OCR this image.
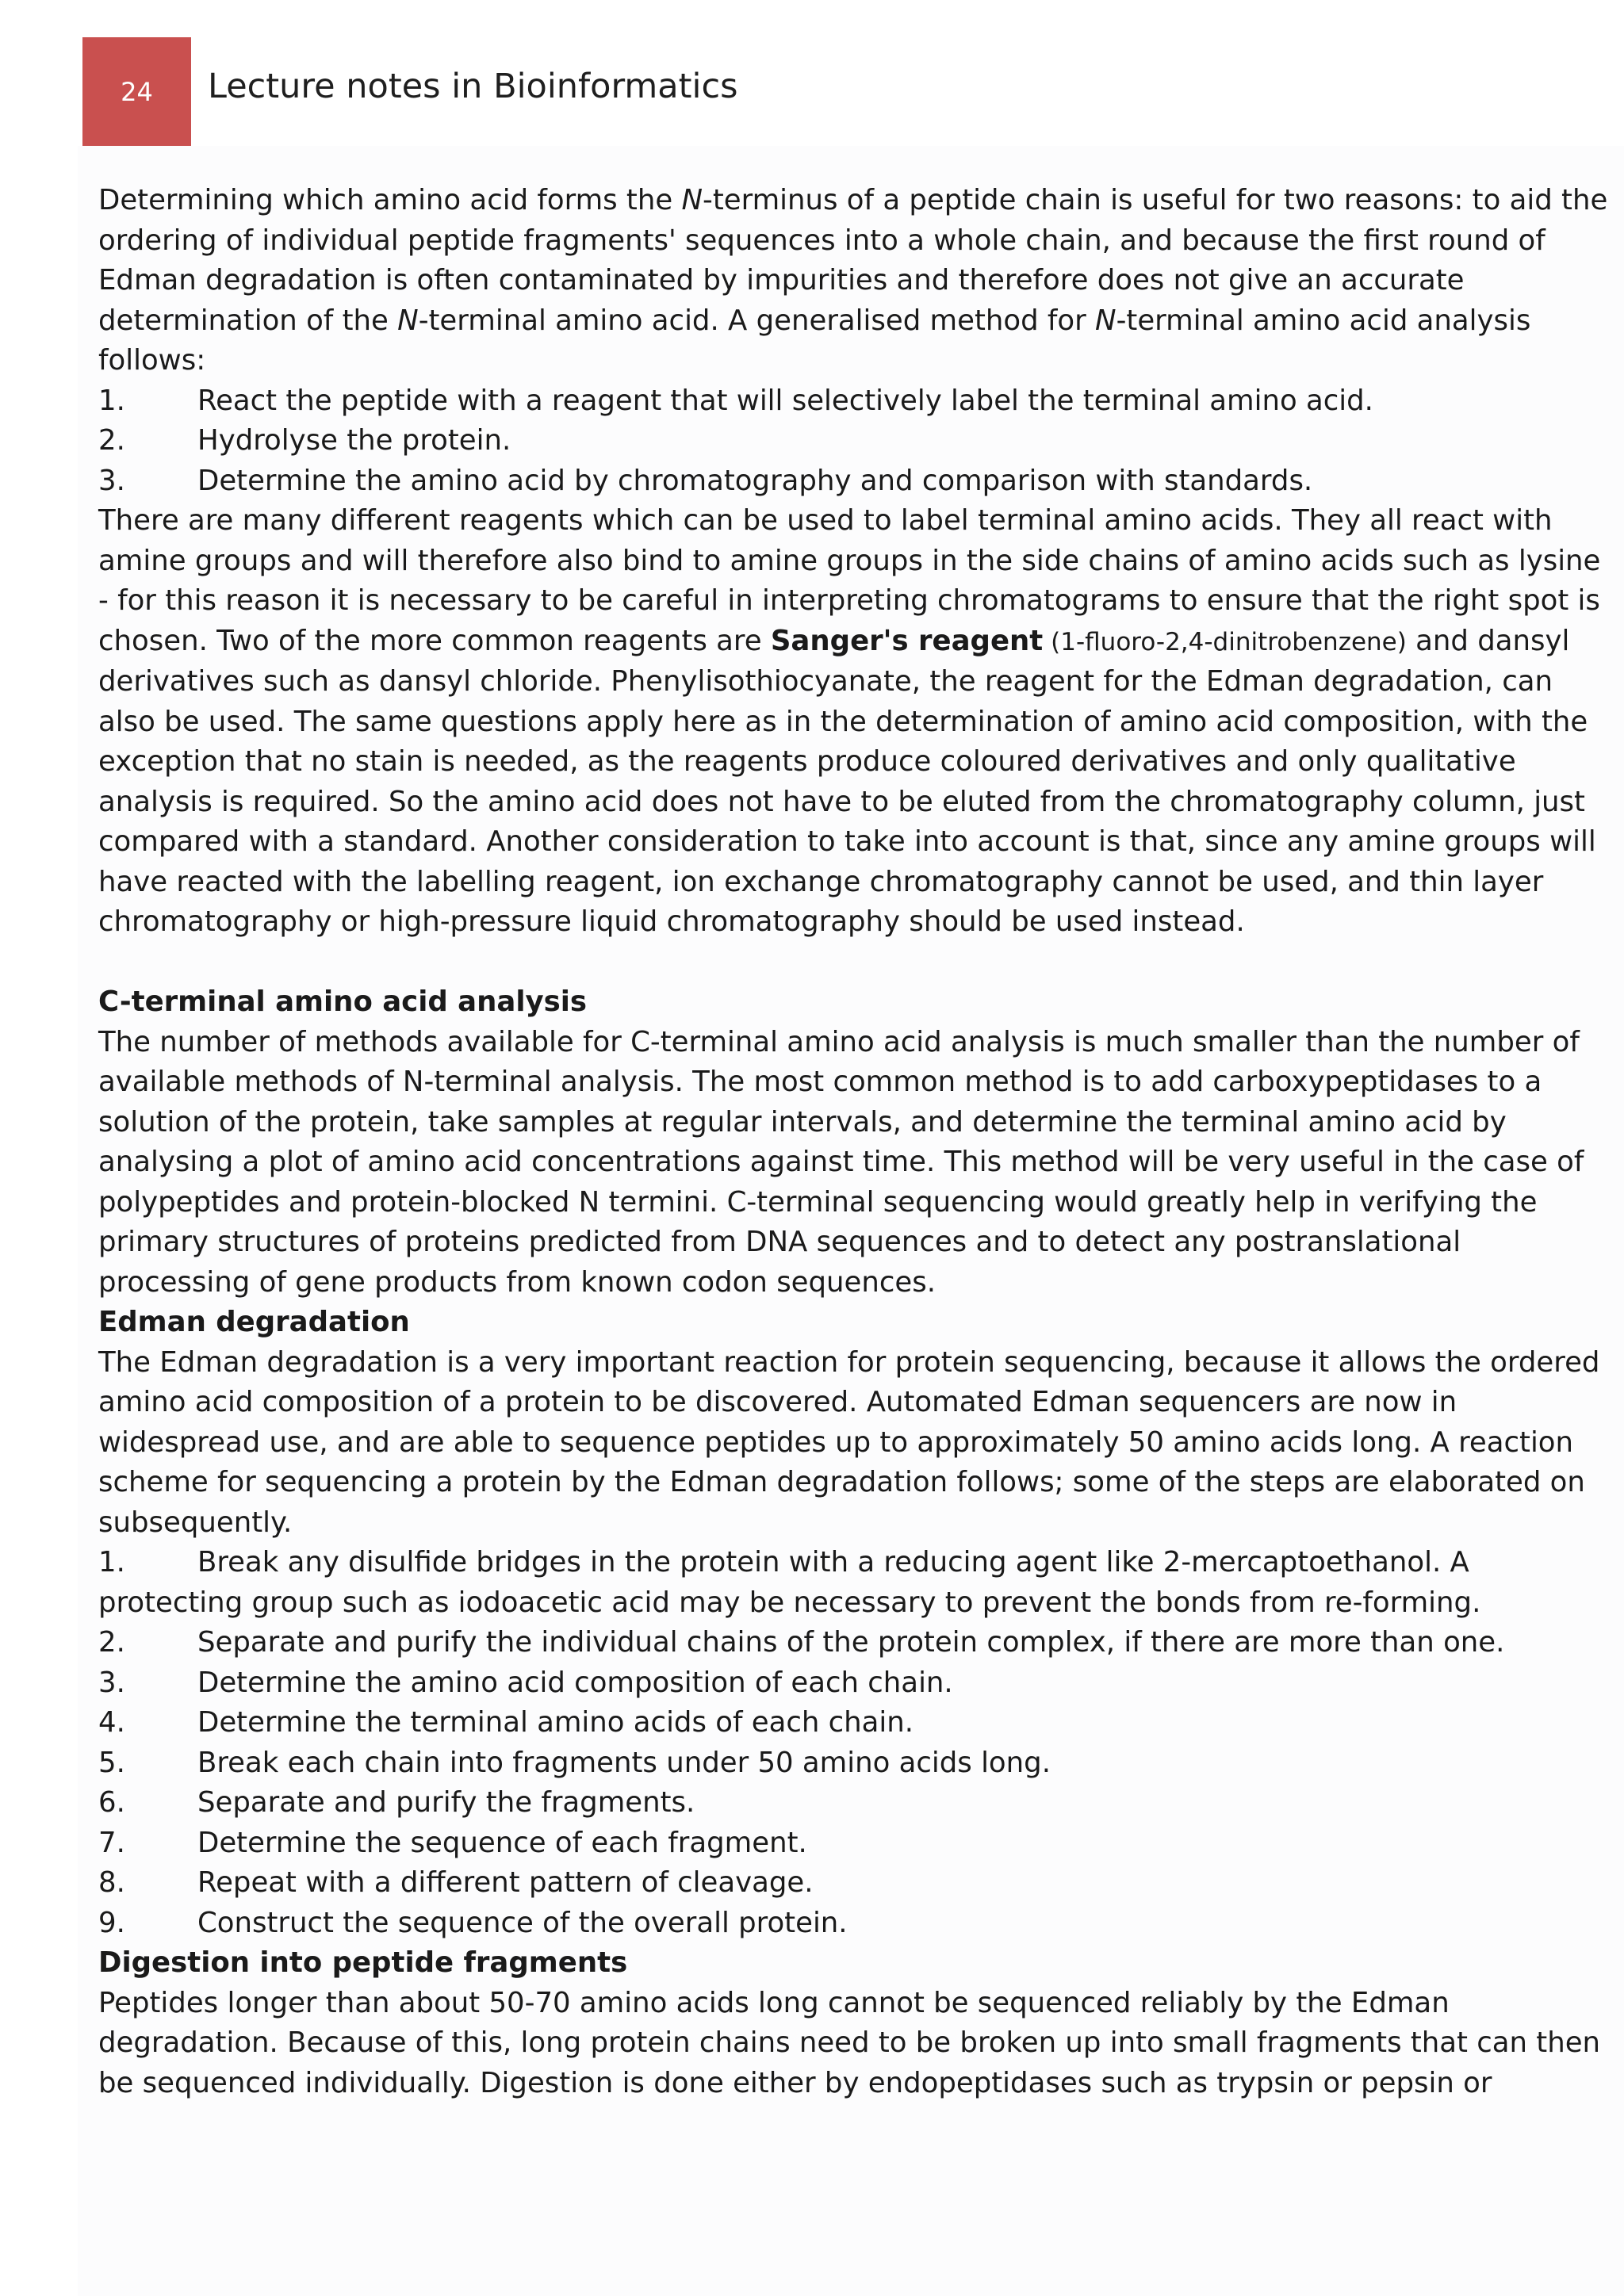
24 Lecture notes in Bioinformatics

Determining which amino acid forms the N-terminus of a peptide chain is useful for two reasons: to aid the ordering of individual peptide fragments' sequences into a whole chain, and because the first round of Edman degradation is often contaminated by impurities and therefore does not give an accurate determination of the N-terminal amino acid. A generalised method for N-terminal amino acid analysis follows:

1.	React the peptide with a reagent that will selectively label the terminal amino acid.
2.	Hydrolyse the protein.
3.	Determine the amino acid by chromatography and comparison with standards.

There are many different reagents which can be used to label terminal amino acids. They all react with amine groups and will therefore also bind to amine groups in the side chains of amino acids such as lysine - for this reason it is necessary to be careful in interpreting chromatograms to ensure that the right spot is chosen. Two of the more common reagents are Sanger's reagent (1-fluoro-2,4-dinitrobenzene) and dansyl derivatives such as dansyl chloride. Phenylisothiocyanate, the reagent for the Edman degradation, can also be used. The same questions apply here as in the determination of amino acid composition, with the exception that no stain is needed, as the reagents produce coloured derivatives and only qualitative analysis is required. So the amino acid does not have to be eluted from the chromatography column, just compared with a standard. Another consideration to take into account is that, since any amine groups will have reacted with the labelling reagent, ion exchange chromatography cannot be used, and thin layer chromatography or high-pressure liquid chromatography should be used instead.

C-terminal amino acid analysis

The number of methods available for C-terminal amino acid analysis is much smaller than the number of available methods of N-terminal analysis. The most common method is to add carboxypeptidases to a solution of the protein, take samples at regular intervals, and determine the terminal amino acid by analysing a plot of amino acid concentrations against time. This method will be very useful in the case of polypeptides and protein-blocked N termini. C-terminal sequencing would greatly help in verifying the primary structures of proteins predicted from DNA sequences and to detect any postranslational processing of gene products from known codon sequences.

Edman degradation

The Edman degradation is a very important reaction for protein sequencing, because it allows the ordered amino acid composition of a protein to be discovered. Automated Edman sequencers are now in widespread use, and are able to sequence peptides up to approximately 50 amino acids long. A reaction scheme for sequencing a protein by the Edman degradation follows; some of the steps are elaborated on subsequently.

1.	Break any disulfide bridges in the protein with a reducing agent like 2-mercaptoethanol. A protecting group such as iodoacetic acid may be necessary to prevent the bonds from re-forming.

2.	Separate and purify the individual chains of the protein complex, if there are more than one.
3.	Determine the amino acid composition of each chain.
4.	Determine the terminal amino acids of each chain.
5.	Break each chain into fragments under 50 amino acids long.
6.	Separate and purify the fragments.
7.	Determine the sequence of each fragment.
8.	Repeat with a different pattern of cleavage.
9.	Construct the sequence of the overall protein.

Digestion into peptide fragments

Peptides longer than about 50-70 amino acids long cannot be sequenced reliably by the Edman degradation. Because of this, long protein chains need to be broken up into small fragments that can then be sequenced individually. Digestion is done either by endopeptidases such as trypsin or pepsin or
